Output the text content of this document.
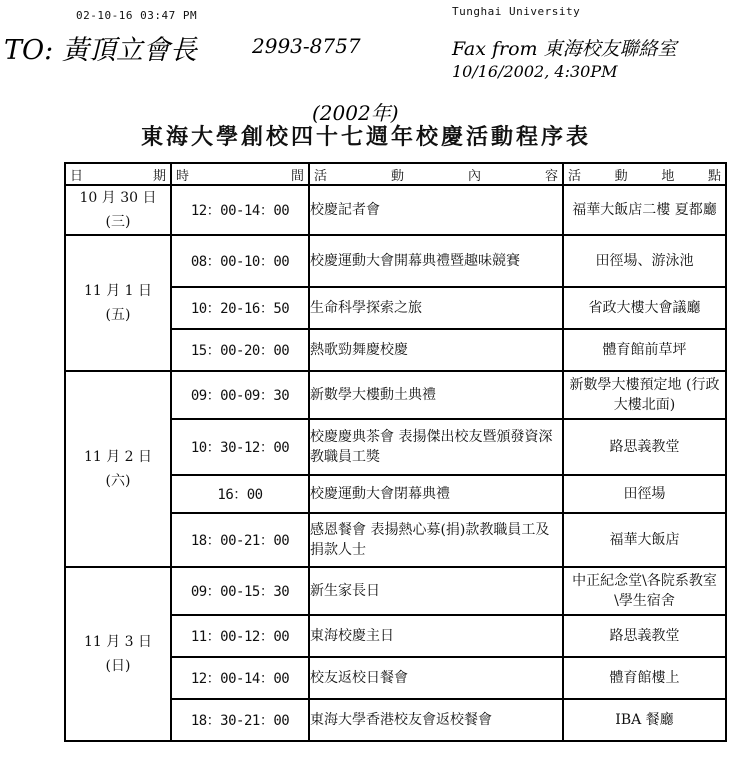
02-10-16 03:47 PM	Tunghai University
TO: 黃頂立會長	2993-8757	Fax from 東海校友聯絡室
10/16/2002, 4:30PM
(2002年)
東海大學創校四十七週年校慶活動程序表
日 期	時 間	活 動 內 容	活 動 地 點

10 月 30 日
(三)	12：00-14：00	校慶記者會	福華大飯店二樓 夏都廳

11 月 1 日
(五)	08：00-10：00	校慶運動大會開幕典禮暨趣味競賽	田徑場、游泳池
	10：20-16：50	生命科學探索之旅	省政大樓大會議廳
	15：00-20：00	熱歌勁舞慶校慶	體育館前草坪

11 月 2 日
(六)	09：00-09：30	新數學大樓動土典禮	新數學大樓預定地 (行政大樓北面)
	10：30-12：00	校慶慶典茶會 表揚傑出校友暨頒發資深教職員工獎	路思義教堂
	16：00	校慶運動大會閉幕典禮	田徑場
	18：00-21：00	感恩餐會 表揚熱心募(捐)款教職員工及捐款人士	福華大飯店

11 月 3 日
(日)	09：00-15：30	新生家長日	中正紀念堂\各院系教室\學生宿舍
	11：00-12：00	東海校慶主日	路思義教堂
	12：00-14：00	校友返校日餐會	體育館樓上
	18：30-21：00	東海大學香港校友會返校餐會	IBA 餐廳
